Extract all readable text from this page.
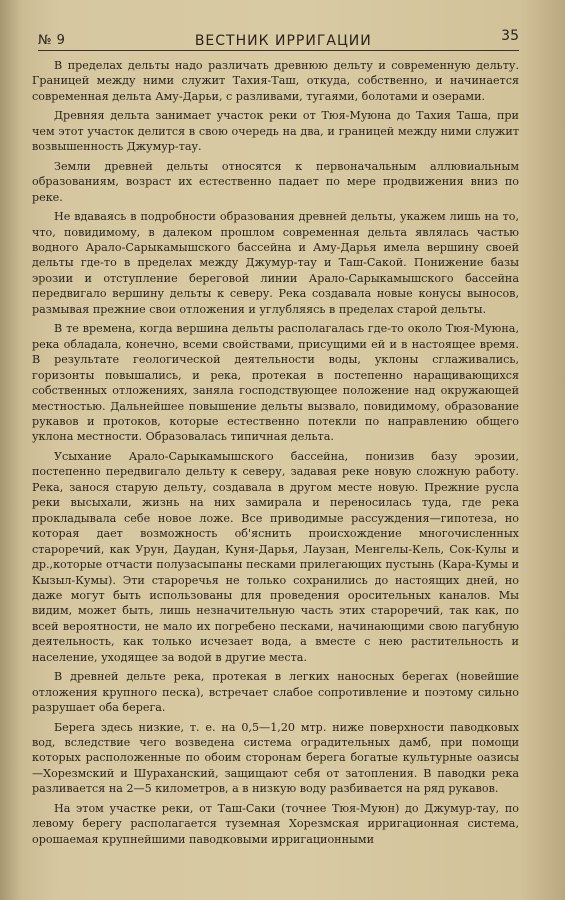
№ 9	ВЕСТНИК ИРРИГАЦИИ	35

В пределах дельты надо различать древнюю дельту и современную дельту. Границей между ними служит Тахия-Таш, откуда, собственно, и начинается современная дельта Аму-Дарьи, с разливами, тугаями, болотами и озерами.

Древняя дельта занимает участок реки от Тюя-Муюна до Тахия Таша, при чем этот участок делится в свою очередь на два, и границей между ними служит возвышенность Джумур-тау.

Земли древней дельты относятся к первоначальным аллювиальным образованиям, возраст их естественно падает по мере продвижения вниз по реке.

Не вдаваясь в подробности образования древней дельты, укажем лишь на то, что, повидимому, в далеком прошлом современная дельта являлась частью водного Арало-Сарыкамышского бассейна и Аму-Дарья имела вершину своей дельты где-то в пределах между Джумур-тау и Таш-Сакой. Понижение базы эрозии и отступление береговой линии Арало-Сарыкамышского бассейна передвигало вершину дельты к северу. Река создавала новые конусы выносов, размывая прежние свои отложения и углубляясь в пределах старой дельты.

В те времена, когда вершина дельты располагалась где-то около Тюя-Муюна, река обладала, конечно, всеми свойствами, присущими ей и в настоящее время. В результате геологической деятельности воды, уклоны сглаживались, горизонты повышались, и река, протекая в постепенно наращивающихся собственных отложениях, заняла господствующее положение над окружающей местностью. Дальнейшее повышение дельты вызвало, повидимому, образование рукавов и протоков, которые естественно потекли по направлению общего уклона местности. Образовалась типичная дельта.

Усыхание Арало-Сарыкамышского бассейна, понизив базу эрозии, постепенно передвигало дельту к северу, задавая реке новую сложную работу. Река, занося старую дельту, создавала в другом месте новую. Прежние русла реки высыхали, жизнь на них замирала и переносилась туда, где река прокладывала себе новое ложе. Все приводимые рассуждения—гипотеза, но которая дает возможность об'яснить происхождение многочисленных староречий, как Урун, Даудан, Куня-Дарья, Лаузан, Менгелы-Кель, Сок-Кулы и др.,которые отчасти полузасыпаны песками прилегающих пустынь (Кара-Кумы и Кызыл-Кумы). Эти староречья не только сохранились до настоящих дней, но даже могут быть использованы для проведения оросительных каналов. Мы видим, может быть, лишь незначительную часть этих староречий, так как, по всей вероятности, не мало их погребено песками, начинающими свою пагубную деятельность, как только исчезает вода, а вместе с нею растительность и население, уходящее за водой в другие места.

В древней дельте река, протекая в легких наносных берегах (новейшие отложения крупного песка), встречает слабое сопротивление и поэтому сильно разрушает оба берега.

Берега здесь низкие, т. е. на 0,5—1,20 мтр. ниже поверхности паводковых вод, вследствие чего возведена система оградительных дамб, при помощи которых расположенные по обоим сторонам берега богатые культурные оазисы—Хорезмский и Шураханский, защищают себя от затопления. В паводки река разливается на 2—5 километров, а в низкую воду разбивается на ряд рукавов.

На этом участке реки, от Таш-Саки (точнее Тюя-Муюн) до Джумур-тау, по левому берегу располагается туземная Хорезмская ирригационная система, орошаемая крупнейшими паводковыми ирригационными
